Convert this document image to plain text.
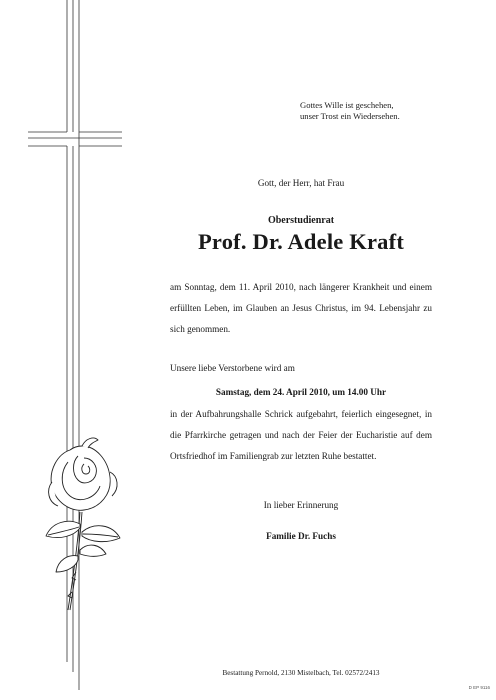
Gottes Wille ist geschehen,
unser Trost ein Wiedersehen.
Gott, der Herr, hat Frau
Oberstudienrat
Prof. Dr. Adele Kraft
am Sonntag, dem 11. April 2010, nach längerer Krankheit und einem erfüllten Leben, im Glauben an Jesus Christus, im 94. Lebensjahr zu sich genommen.
Unsere liebe Verstorbene wird am
Samstag, dem 24. April 2010, um 14.00 Uhr
in der Aufbahrungshalle Schrick aufgebahrt, feierlich eingesegnet, in die Pfarrkirche getragen und nach der Feier der Eucharistie auf dem Ortsfriedhof im Familiengrab zur letzten Ruhe bestattet.
In lieber Erinnerung
Familie Dr. Fuchs
Bestattung Pernold, 2130 Mistelbach, Tel. 02572/2413
D EP 9116
